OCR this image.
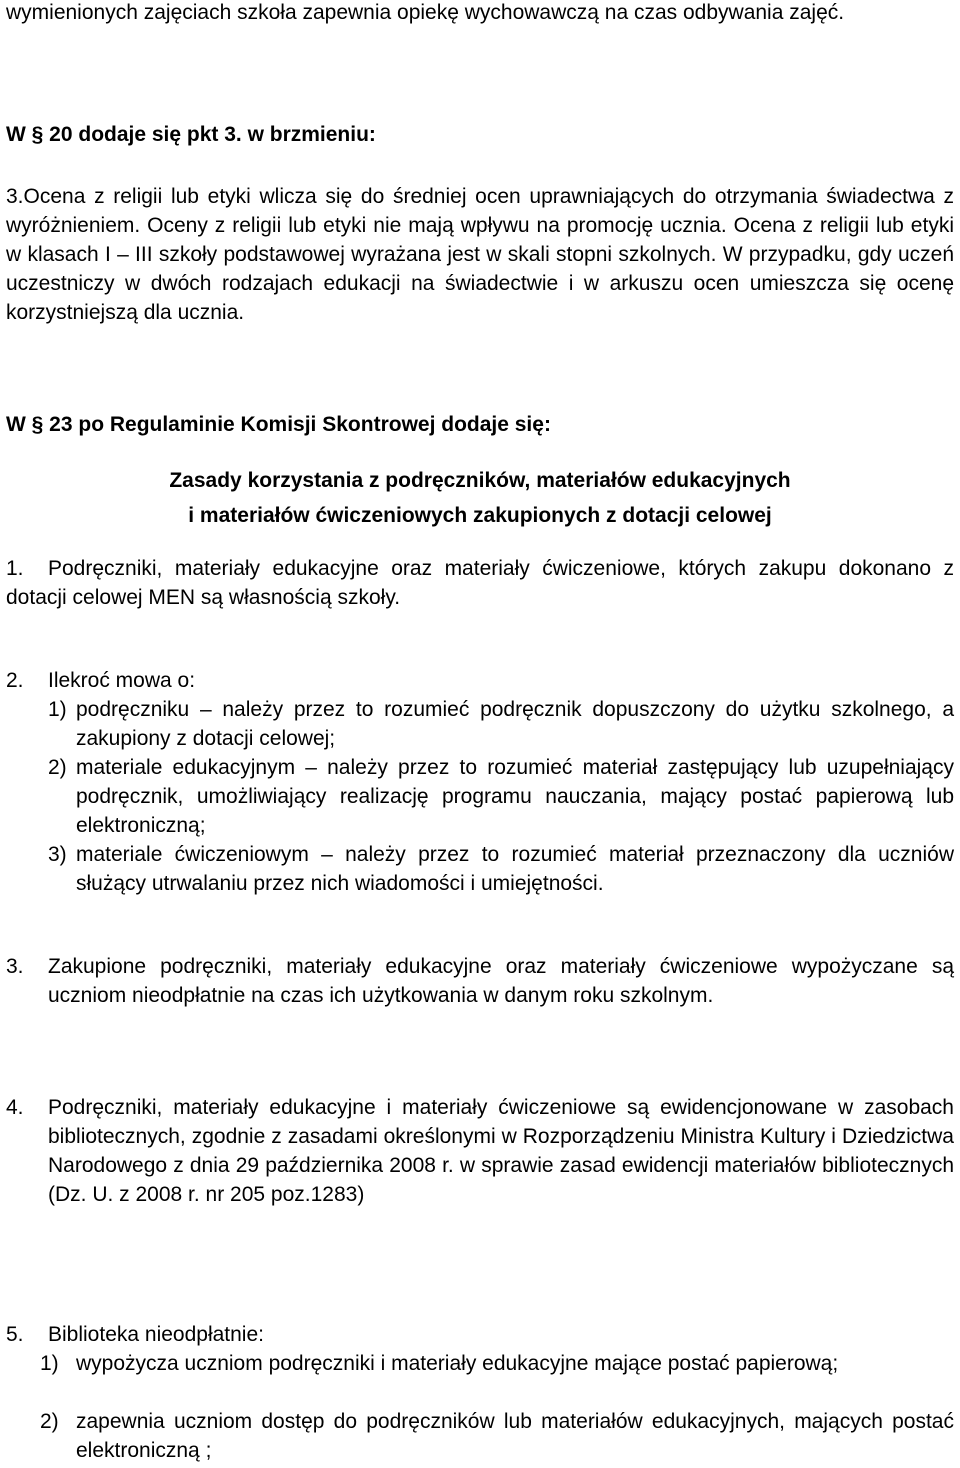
wymienionych zajęciach szkoła zapewnia opiekę wychowawczą na czas odbywania zajęć.

W § 20 dodaje się pkt 3. w brzmieniu:

3.Ocena z religii lub etyki wlicza się do średniej ocen uprawniających do otrzymania świadectwa z wyróżnieniem. Oceny z religii lub etyki nie mają wpływu na promocję ucznia. Ocena z religii lub etyki w klasach I – III szkoły podstawowej wyrażana jest w skali stopni szkolnych. W przypadku, gdy uczeń uczestniczy w dwóch rodzajach edukacji na świadectwie i w arkuszu ocen umieszcza się ocenę korzystniejszą dla ucznia.

W § 23 po Regulaminie Komisji Skontrowej dodaje się:

Zasady korzystania z podręczników, materiałów edukacyjnych

i materiałów ćwiczeniowych zakupionych z dotacji celowej

1.	Podręczniki, materiały edukacyjne oraz materiały ćwiczeniowe, których zakupu dokonano z dotacji celowej MEN są własnością szkoły.
2.	Ilekroć mowa o:
1) podręczniku – należy przez to rozumieć podręcznik dopuszczony do użytku szkolnego, a zakupiony z dotacji celowej;
2) materiale edukacyjnym – należy przez to rozumieć materiał zastępujący lub uzupełniający podręcznik, umożliwiający realizację programu nauczania, mający postać papierową lub elektroniczną;
3) materiale ćwiczeniowym – należy przez to rozumieć materiał przeznaczony dla uczniów służący utrwalaniu przez nich wiadomości i umiejętności.
3.	Zakupione podręczniki, materiały edukacyjne oraz materiały ćwiczeniowe wypożyczane są uczniom nieodpłatnie na czas ich użytkowania w danym roku szkolnym.
4.	Podręczniki, materiały edukacyjne i materiały ćwiczeniowe są ewidencjonowane w zasobach bibliotecznych, zgodnie z zasadami określonymi w Rozporządzeniu Ministra Kultury i Dziedzictwa Narodowego z dnia 29 października 2008 r. w sprawie zasad ewidencji materiałów bibliotecznych (Dz. U. z 2008 r. nr 205 poz.1283)
5.	Biblioteka nieodpłatnie:
1) wypożycza uczniom podręczniki i materiały edukacyjne mające postać papierową;
2) zapewnia uczniom dostęp do podręczników lub materiałów edukacyjnych, mających postać elektroniczną ;
